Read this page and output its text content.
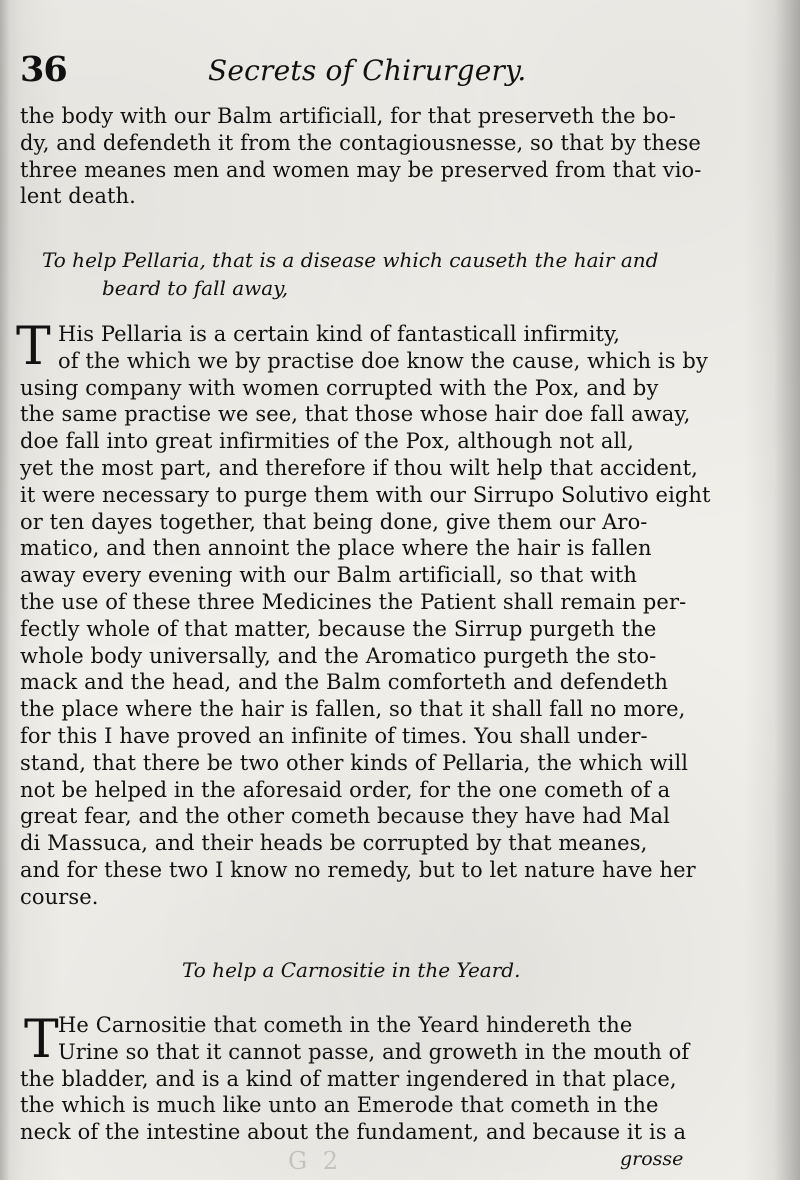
36	Secrets of Chirurgery.

the body with our Balm artificiall, for that preserveth the bo-
dy, and defendeth it from the contagiousnesse, so that by these
three meanes men and women may be preserved from that vio-
lent death.

To help Pellaria, that is a disease which causeth the hair and
beard to fall away,
T His Pellaria is a certain kind of fantasticall infirmity,
of the which we by practise doe know the cause, which is by
using company with women corrupted with the Pox, and by
the same practise we see, that those whose hair doe fall away,
doe fall into great infirmities of the Pox, although not all,
yet the most part, and therefore if thou wilt help that accident,
it were necessary to purge them with our Sirrupo Solutivo eight
or ten dayes together, that being done, give them our Aro-
matico, and then annoint the place where the hair is fallen
away every evening with our Balm artificiall, so that with
the use of these three Medicines the Patient shall remain per-
fectly whole of that matter, because the Sirrup purgeth the
whole body universally, and the Aromatico purgeth the sto-
mack and the head, and the Balm comforteth and defendeth
the place where the hair is fallen, so that it shall fall no more,
for this I have proved an infinite of times. You shall under-
stand, that there be two other kinds of Pellaria, the which will
not be helped in the aforesaid order, for the one cometh of a
great fear, and the other cometh because they have had Mal
di Massuca, and their heads be corrupted by that meanes,
and for these two I know no remedy, but to let nature have her
course.
To help a Carnositie in the Yeard.
T He Carnositie that cometh in the Yeard hindereth the
Urine so that it cannot passe, and groweth in the mouth of
the bladder, and is a kind of matter ingendered in that place,
the which is much like unto an Emerode that cometh in the
neck of the intestine about the fundament, and because it is a
G 2	grosse
